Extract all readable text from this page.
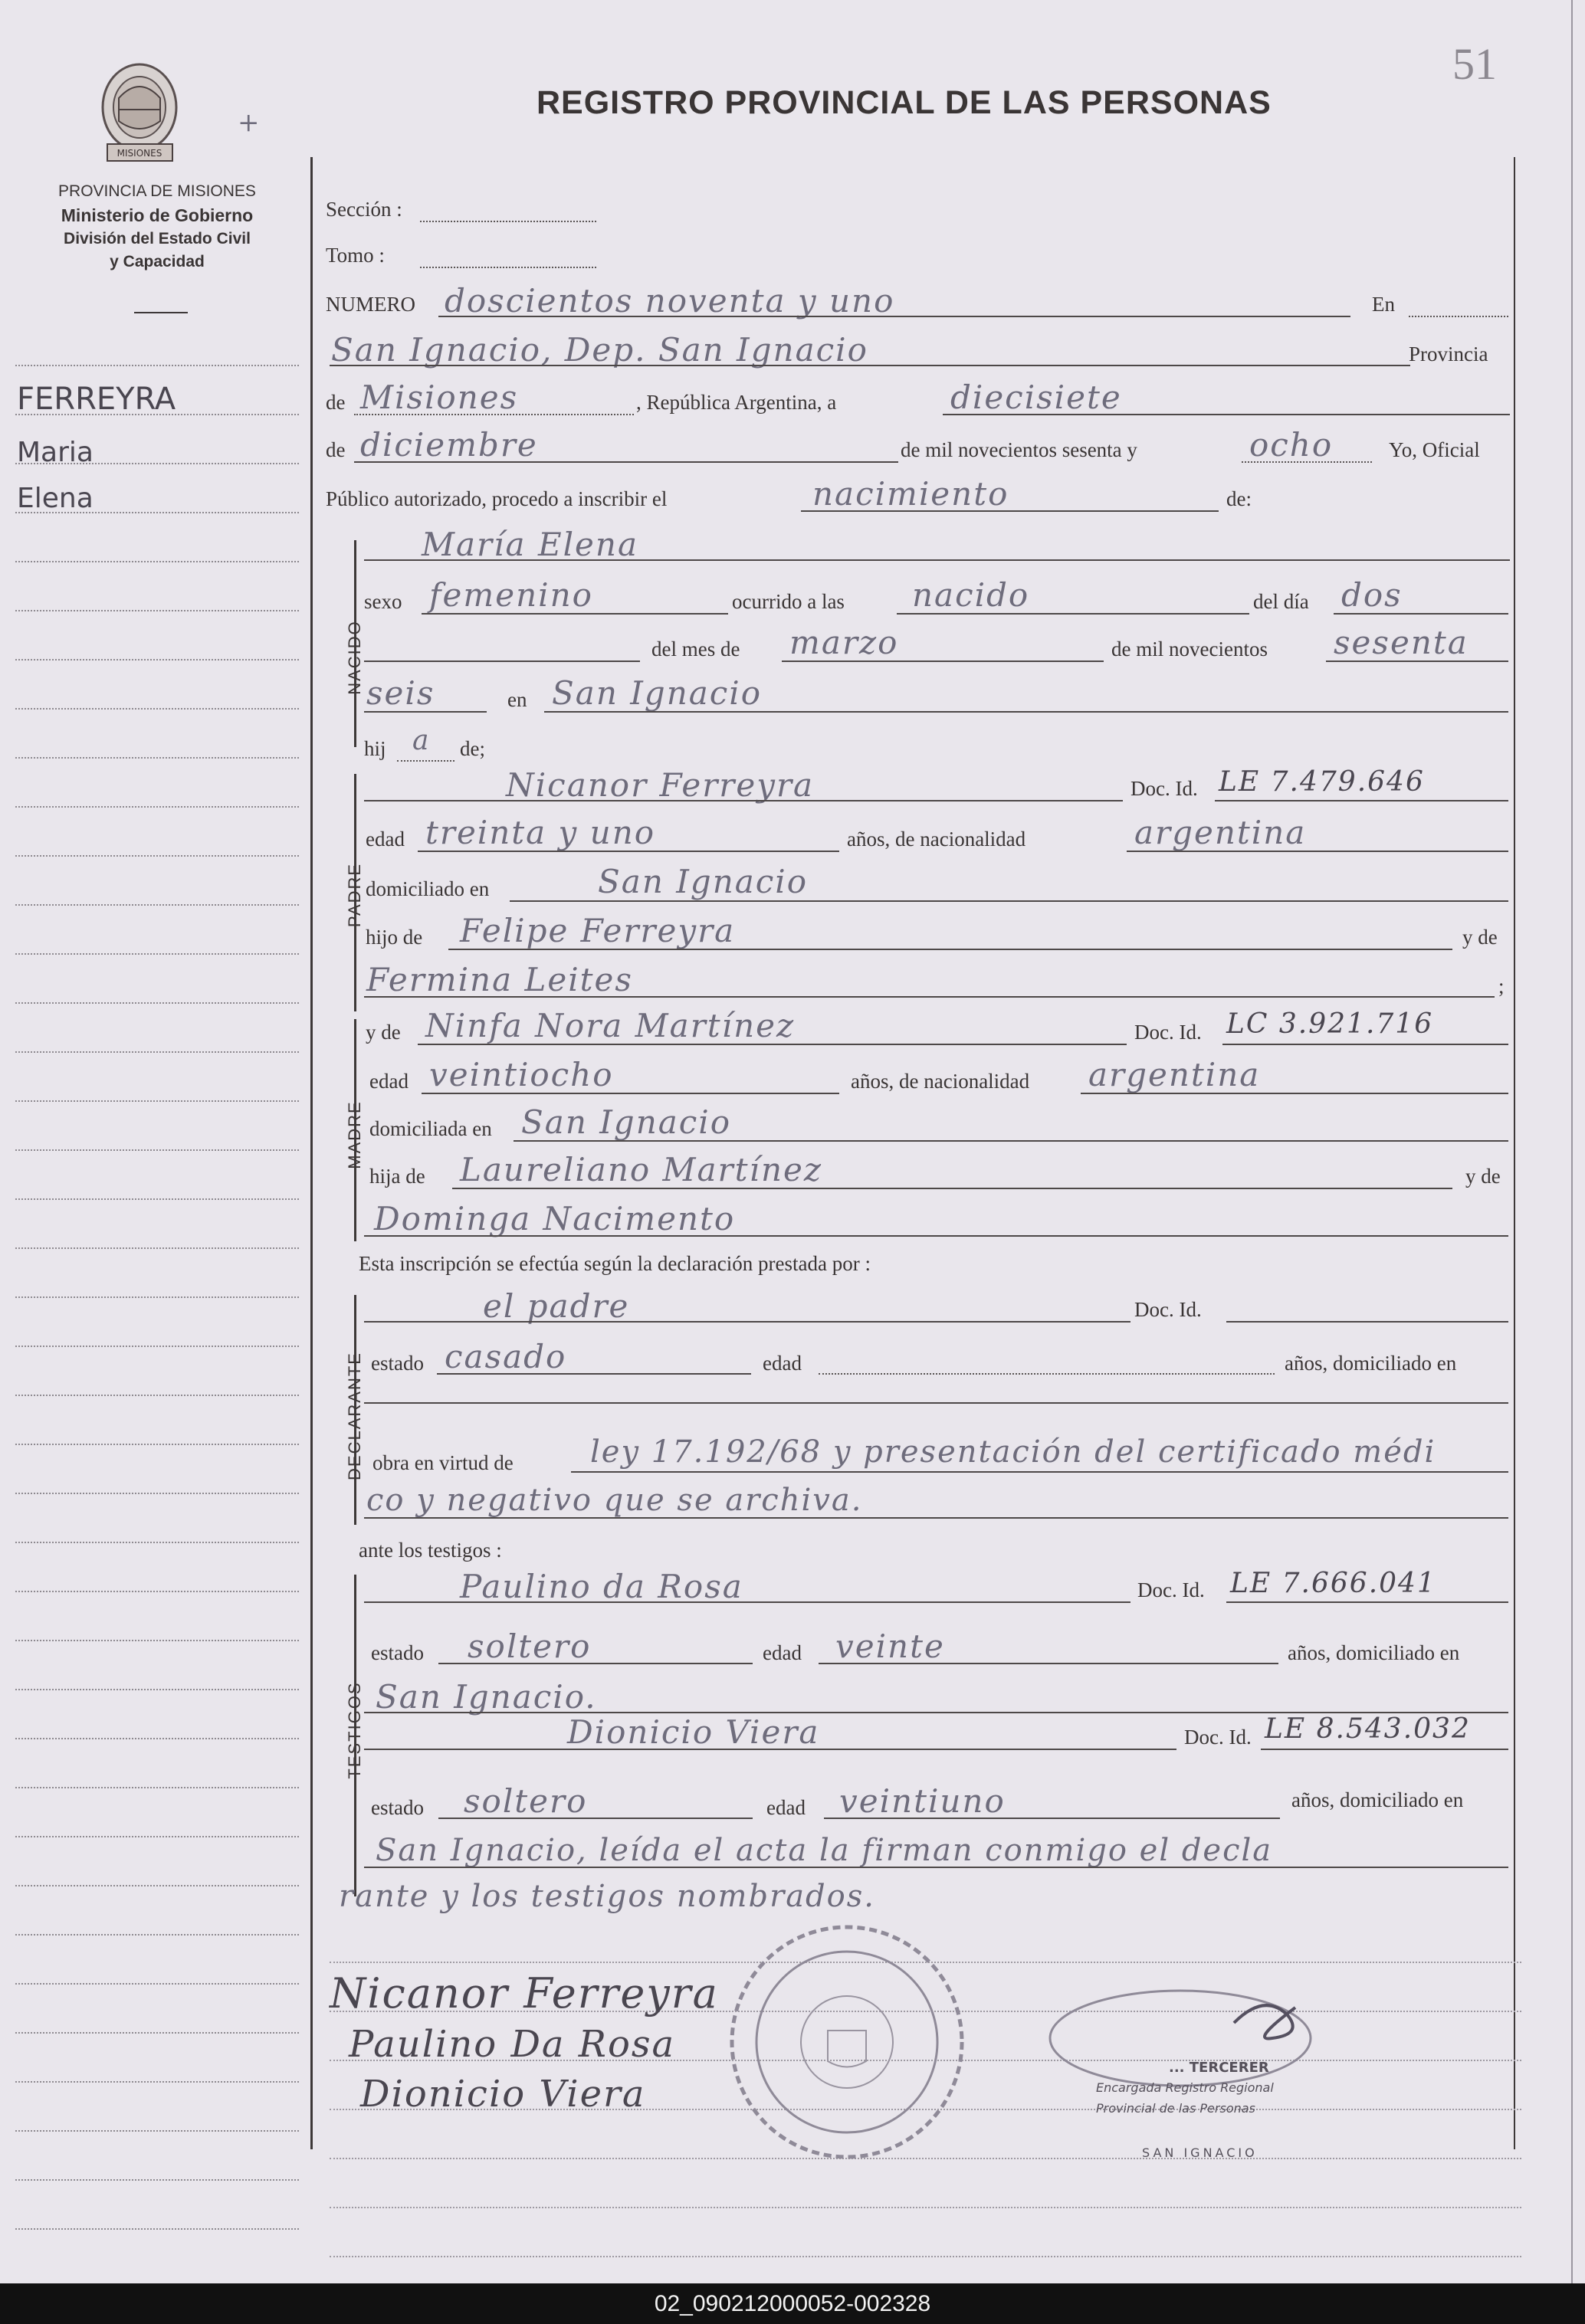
51
MISIONES
+
PROVINCIA DE MISIONES
Ministerio de Gobierno
División del Estado Civil
y Capacidad
REGISTRO PROVINCIAL DE LAS PERSONAS
FERREYRA
Maria
Elena
Sección :
Tomo :
NUMERO doscientos noventa y uno	En
San Ignacio, Dep. San Ignacio	Provincia
de Misiones	, República Argentina, a	diecisiete
de diciembre	de mil novecientos sesenta y	ocho	Yo, Oficial
Público autorizado, procedo a inscribir el	nacimiento	de:
NACIDO
María Elena
sexo femenino	ocurrido a las nacido	del día dos
del mes de marzo	de mil novecientos sesenta
seis	en San Ignacio
hij a de;
PADRE
Nicanor Ferreyra	Doc. Id. LE 7.479.646
edad treinta y uno	años, de nacionalidad	argentina
domiciliado en	San Ignacio
hijo de Felipe Ferreyra	y de
Fermina Leites	;
MADRE
y de Ninfa Nora Martínez	Doc. Id. LC 3.921.716
edad veintiocho	años, de nacionalidad argentina
domiciliada en San Ignacio
hija de Laureliano Martínez	y de
Dominga Nacimento
Esta inscripción se efectúa según la declaración prestada por :
DECLARANTE
el padre	Doc. Id.
estado casado	edad	años, domiciliado en
obra en virtud de	ley 17.192/68 y presentación del certificado médi
co y negativo que se archiva.
ante los testigos :
TESTIGOS
Paulino da Rosa	Doc. Id. LE 7.666.041
estado soltero	edad veinte	años, domiciliado en
San Ignacio.
Dionicio Viera	Doc. Id. LE 8.543.032
estado soltero	edad veintiuno	años, domiciliado en
San Ignacio, leída el acta la firman conmigo el decla
rante y los testigos nombrados.
Nicanor Ferreyra
Paulino Da Rosa
Dionicio Viera
... TERCERER
Encargada Registro Regional
Provincial de las Personas
SAN IGNACIO
02_090212000052-002328
